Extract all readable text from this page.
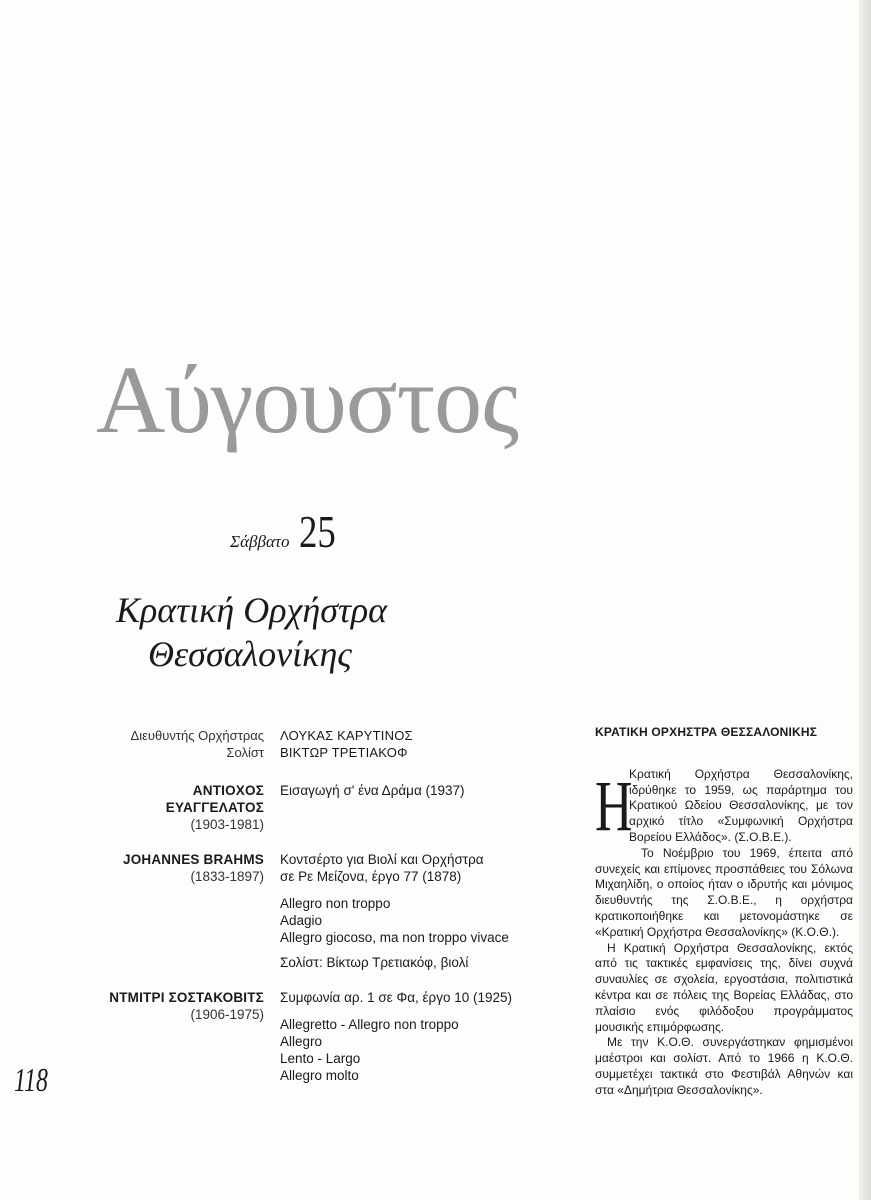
Αύγουστος
Σάββατο 25
Κρατική Ορχήστρα
Θεσσαλονίκης
Διευθυντής Ορχήστρας	ΛΟΥΚΑΣ ΚΑΡΥΤΙΝΟΣ
Σολίστ	ΒΙΚΤΩΡ ΤΡΕΤΙΑΚΟΦ
ΑΝΤΙΟΧΟΣ ΕΥΑΓΓΕΛΑΤΟΣ
(1903-1981)
Εισαγωγή σ' ένα Δράμα (1937)
JOHANNES BRAHMS
(1833-1897)
Κοντσέρτο για Βιολί και Ορχήστρα
σε Ρε Μείζονα, έργο 77 (1878)
Allegro non troppo
Adagio
Allegro giocoso, ma non troppo vivace
Σολίστ: Βίκτωρ Τρετιακόφ, βιολί
ΝΤΜΙΤΡΙ ΣΟΣΤΑΚΟΒΙΤΣ
(1906-1975)
Συμφωνία αρ. 1 σε Φα, έργο 10 (1925)
Allegretto - Allegro non troppo
Allegro
Lento - Largo
Allegro molto
118
ΚΡΑΤΙΚΗ ΟΡΧΗΣΤΡΑ ΘΕΣΣΑΛΟΝΙΚΗΣ
Η

Κρατική Ορχήστρα Θεσσαλονίκης, ιδρύθηκε το 1959, ως παράρτημα του Κρατικού Ωδείου Θεσσαλονίκης, με τον αρχικό τίτλο «Συμφωνική Ορχήστρα Βορείου Ελλάδος». (Σ.Ο.Β.Ε.).

Το Νοέμβριο του 1969, έπειτα από συνεχείς και επίμονες προσπάθειες του Σόλωνα Μιχαηλίδη, ο οποίος ήταν ο ιδρυτής και μόνιμος διευθυντής της Σ.Ο.Β.Ε., η ορχήστρα κρατικοποιήθηκε και μετονομάστηκε σε «Κρατική Ορχήστρα Θεσσαλονίκης» (Κ.Ο.Θ.).

Η Κρατική Ορχήστρα Θεσσαλονίκης, εκτός από τις τακτικές εμφανίσεις της, δίνει συχνά συναυλίες σε σχολεία, εργοστάσια, πολιτιστικά κέντρα και σε πόλεις της Βορείας Ελλάδας, στο πλαίσιο ενός φιλόδοξου προγράμματος μουσικής επιμόρφωσης.

Με την Κ.Ο.Θ. συνεργάστηκαν φημισμένοι μαέστροι και σολίστ. Από το 1966 η Κ.Ο.Θ. συμμετέχει τακτικά στο Φεστιβάλ Αθηνών και στα «Δημήτρια Θεσσαλονίκης».
